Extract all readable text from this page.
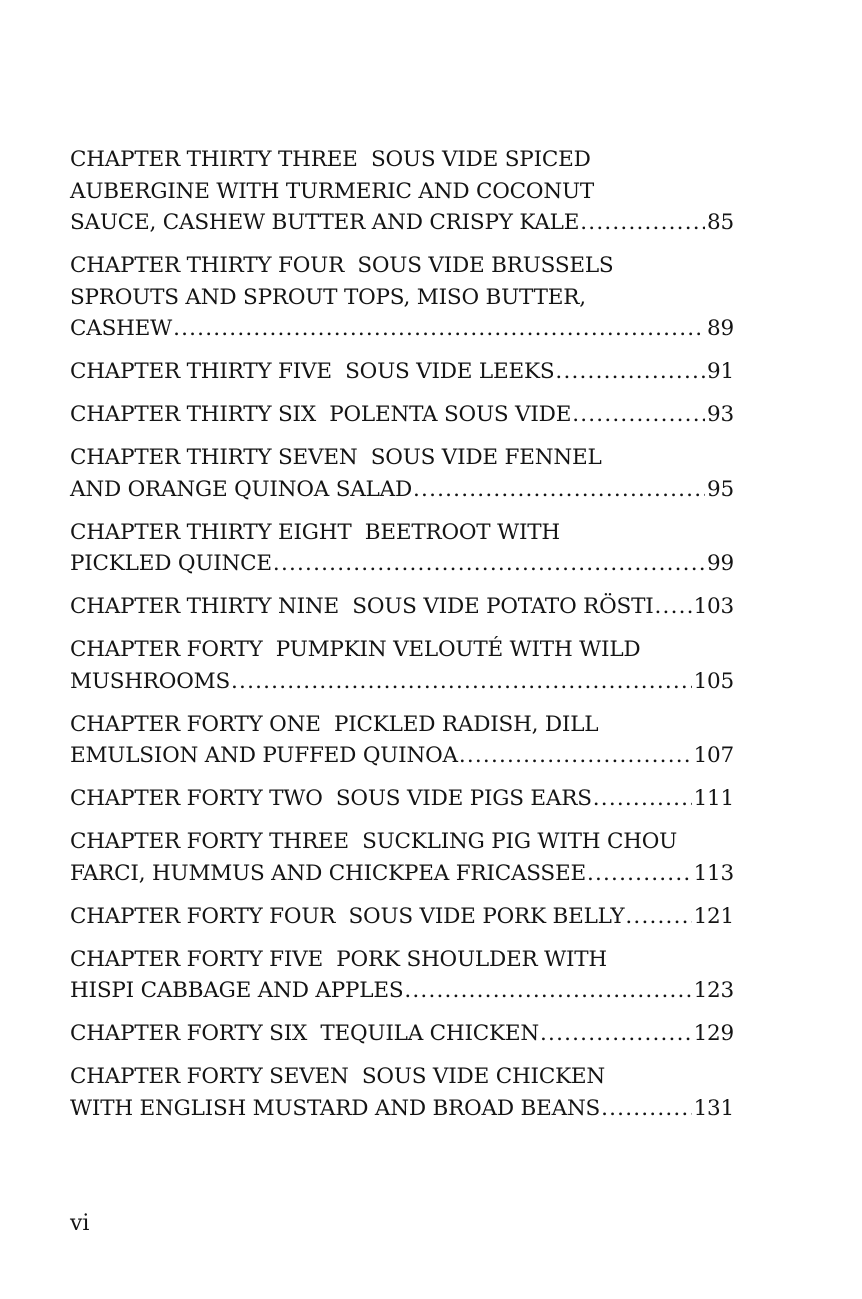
CHAPTER THIRTY THREE  SOUS VIDE SPICED
AUBERGINE WITH TURMERIC AND COCONUT
SAUCE, CASHEW BUTTER AND CRISPY KALE .....	85
CHAPTER THIRTY FOUR  SOUS VIDE BRUSSELS
SPROUTS AND SPROUT TOPS, MISO BUTTER,
CASHEW .....	89
CHAPTER THIRTY FIVE  SOUS VIDE LEEKS .....	91
CHAPTER THIRTY SIX  POLENTA SOUS VIDE .....	93
CHAPTER THIRTY SEVEN  SOUS VIDE FENNEL
AND ORANGE QUINOA SALAD .....	95
CHAPTER THIRTY EIGHT  BEETROOT WITH
PICKLED QUINCE .....	99
CHAPTER THIRTY NINE  SOUS VIDE POTATO RÖSTI ..... 103
CHAPTER FORTY  PUMPKIN VELOUTÉ WITH WILD
MUSHROOMS .....	105
CHAPTER FORTY ONE  PICKLED RADISH, DILL
EMULSION AND PUFFED QUINOA .....	107
CHAPTER FORTY TWO  SOUS VIDE PIGS EARS .....	111
CHAPTER FORTY THREE  SUCKLING PIG WITH CHOU
FARCI, HUMMUS AND CHICKPEA FRICASSEE .....	113
CHAPTER FORTY FOUR  SOUS VIDE PORK BELLY .....	121
CHAPTER FORTY FIVE  PORK SHOULDER WITH
HISPI CABBAGE AND APPLES .....	123
CHAPTER FORTY SIX  TEQUILA CHICKEN .....	129
CHAPTER FORTY SEVEN  SOUS VIDE CHICKEN
WITH ENGLISH MUSTARD AND BROAD BEANS .....	131
vi
